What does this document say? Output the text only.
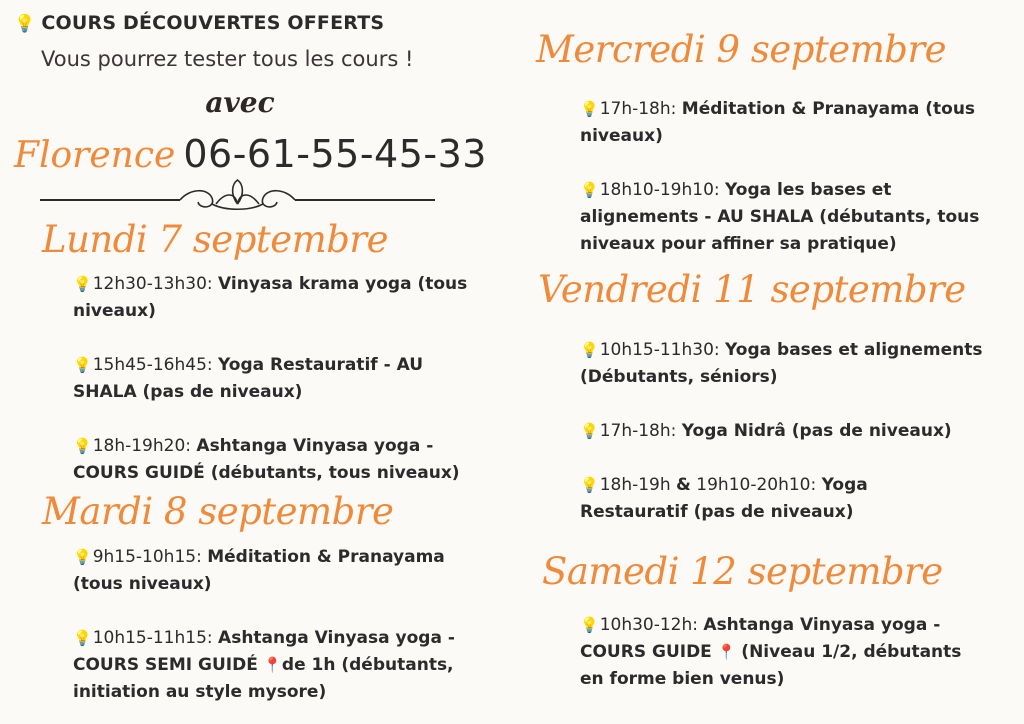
💡 COURS DÉCOUVERTES OFFERTS
Vous pourrez tester tous les cours !
avec
Florence 06-61-55-45-33
Lundi 7 septembre
💡12h30-13h30: Vinyasa krama yoga (tous niveaux)
💡15h45-16h45: Yoga Restauratif - AU SHALA (pas de niveaux)
💡18h-19h20: Ashtanga Vinyasa yoga - COURS GUIDÉ (débutants, tous niveaux)
Mardi 8 septembre
💡9h15-10h15: Méditation & Pranayama (tous niveaux)
💡10h15-11h15: Ashtanga Vinyasa yoga - COURS SEMI GUIDÉ 📍de 1h (débutants, initiation au style mysore)
Mercredi 9 septembre
💡17h-18h: Méditation & Pranayama (tous niveaux)
💡18h10-19h10: Yoga les bases et alignements - AU SHALA (débutants, tous niveaux pour affiner sa pratique)
Vendredi 11 septembre
💡10h15-11h30: Yoga bases et alignements (Débutants, séniors)
💡17h-18h: Yoga Nidrâ (pas de niveaux)
💡18h-19h & 19h10-20h10: Yoga Restauratif (pas de niveaux)
Samedi 12 septembre
💡10h30-12h: Ashtanga Vinyasa yoga - COURS GUIDE 📍 (Niveau 1/2, débutants en forme bien venus)
